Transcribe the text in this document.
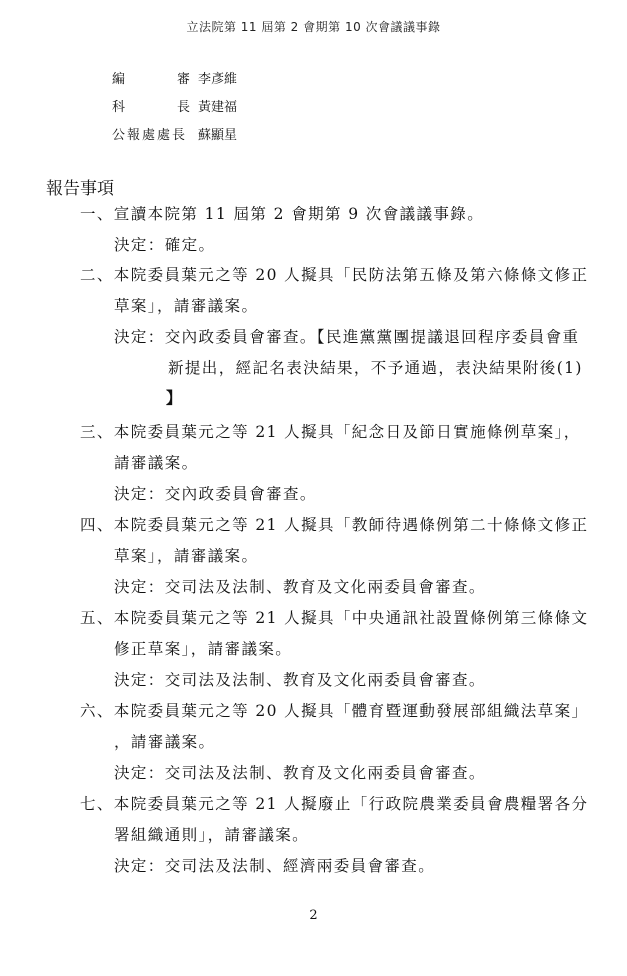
立法院第 11 屆第 2 會期第 10 次會議議事錄
編　　　　審 李彥維
科　　　　長 黃建福
公報處處長 蘇顯星
報告事項
一、宣讀本院第 11 屆第 2 會期第 9 次會議議事錄。
決定：確定。
二、本院委員葉元之等 20 人擬具「民防法第五條及第六條條文修正
草案」，請審議案。
決定：交內政委員會審查。【民進黨黨團提議退回程序委員會重
新提出，經記名表決結果，不予通過，表決結果附後(1)
】
三、本院委員葉元之等 21 人擬具「紀念日及節日實施條例草案」，
請審議案。
決定：交內政委員會審查。
四、本院委員葉元之等 21 人擬具「教師待遇條例第二十條條文修正
草案」，請審議案。
決定：交司法及法制、教育及文化兩委員會審查。
五、本院委員葉元之等 21 人擬具「中央通訊社設置條例第三條條文
修正草案」，請審議案。
決定：交司法及法制、教育及文化兩委員會審查。
六、本院委員葉元之等 20 人擬具「體育暨運動發展部組織法草案」
，請審議案。
決定：交司法及法制、教育及文化兩委員會審查。
七、本院委員葉元之等 21 人擬廢止「行政院農業委員會農糧署各分
署組織通則」，請審議案。
決定：交司法及法制、經濟兩委員會審查。
2
